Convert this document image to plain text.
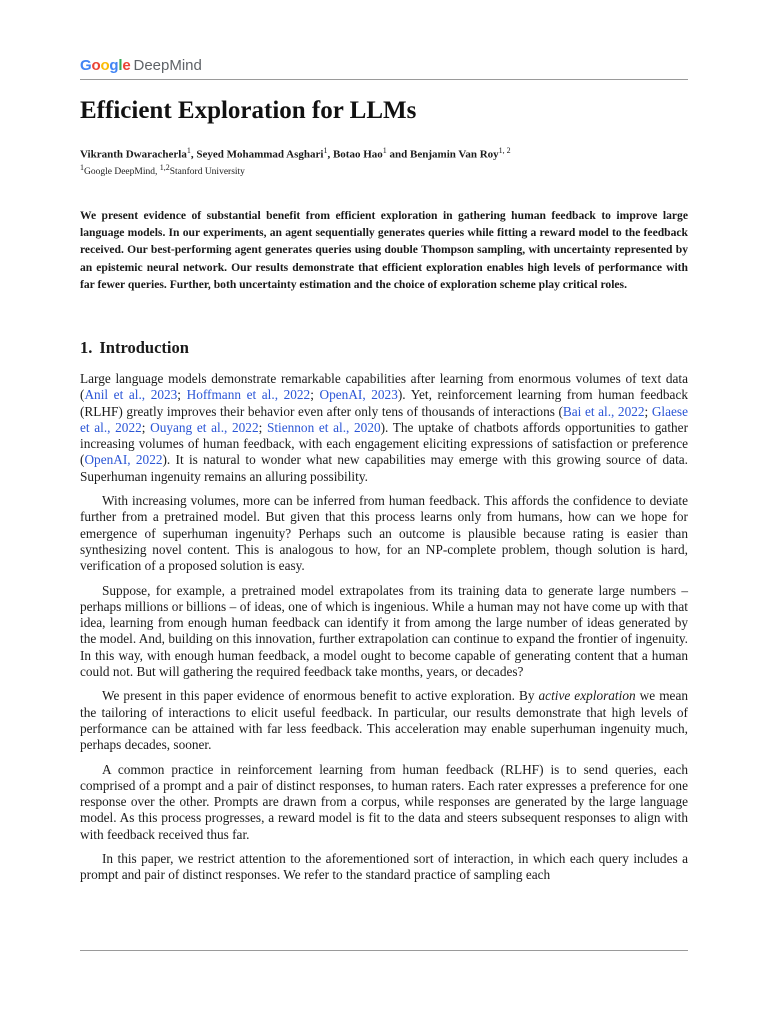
Google DeepMind
Efficient Exploration for LLMs
Vikranth Dwaracherla$^1$, Seyed Mohammad Asghari$^1$, Botao Hao$^1$ and Benjamin Van Roy$^{1, 2}$
$^1$Google DeepMind, $^{1,2}$Stanford University

We present evidence of substantial benefit from efficient exploration in gathering human feedback to improve large language models. In our experiments, an agent sequentially generates queries while fitting a reward model to the feedback received. Our best-performing agent generates queries using double Thompson sampling, with uncertainty represented by an epistemic neural network. Our results demonstrate that efficient exploration enables high levels of performance with far fewer queries. Further, both uncertainty estimation and the choice of exploration scheme play critical roles.

1. Introduction

Large language models demonstrate remarkable capabilities after learning from enormous volumes of text data (Anil et al., 2023; Hoffmann et al., 2022; OpenAI, 2023). Yet, reinforcement learning from human feedback (RLHF) greatly improves their behavior even after only tens of thousands of interactions (Bai et al., 2022; Glaese et al., 2022; Ouyang et al., 2022; Stiennon et al., 2020). The uptake of chatbots affords opportunities to gather increasing volumes of human feedback, with each engagement eliciting expressions of satisfaction or preference (OpenAI, 2022). It is natural to wonder what new capabilities may emerge with this growing source of data. Superhuman ingenuity remains an alluring possibility.

With increasing volumes, more can be inferred from human feedback. This affords the confidence to deviate further from a pretrained model. But given that this process learns only from humans, how can we hope for emergence of superhuman ingenuity? Perhaps such an outcome is plausible because rating is easier than synthesizing novel content. This is analogous to how, for an NP-complete problem, though solution is hard, verification of a proposed solution is easy.

Suppose, for example, a pretrained model extrapolates from its training data to generate large numbers – perhaps millions or billions – of ideas, one of which is ingenious. While a human may not have come up with that idea, learning from enough human feedback can identify it from among the large number of ideas generated by the model. And, building on this innovation, further extrapolation can continue to expand the frontier of ingenuity. In this way, with enough human feedback, a model ought to become capable of generating content that a human could not. But will gathering the required feedback take months, years, or decades?

We present in this paper evidence of enormous benefit to active exploration. By active exploration we mean the tailoring of interactions to elicit useful feedback. In particular, our results demonstrate that high levels of performance can be attained with far less feedback. This acceleration may enable superhuman ingenuity much, perhaps decades, sooner.

A common practice in reinforcement learning from human feedback (RLHF) is to send queries, each comprised of a prompt and a pair of distinct responses, to human raters. Each rater expresses a preference for one response over the other. Prompts are drawn from a corpus, while responses are generated by the large language model. As this process progresses, a reward model is fit to the data and steers subsequent responses to align with with feedback received thus far.

In this paper, we restrict attention to the aforementioned sort of interaction, in which each query includes a prompt and pair of distinct responses. We refer to the standard practice of sampling each
